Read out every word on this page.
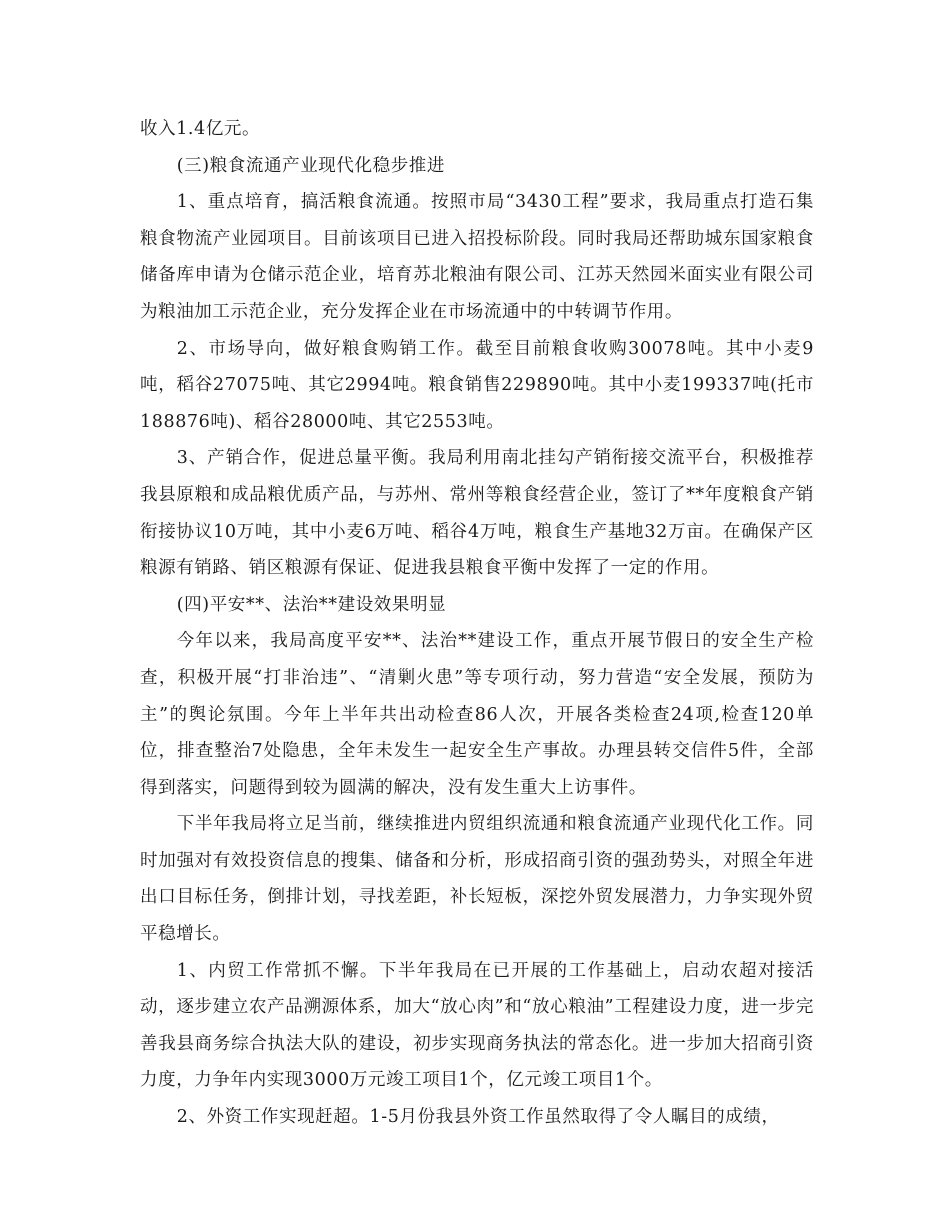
收入1.4亿元。

(三)粮食流通产业现代化稳步推进

1、重点培育，搞活粮食流通。按照市局“3430工程”要求，我局重点打造石集粮食物流产业园项目。目前该项目已进入招投标阶段。同时我局还帮助城东国家粮食储备库申请为仓储示范企业，培育苏北粮油有限公司、江苏天然园米面实业有限公司为粮油加工示范企业，充分发挥企业在市场流通中的中转调节作用。

2、市场导向，做好粮食购销工作。截至目前粮食收购30078吨。其中小麦9吨，稻谷27075吨、其它2994吨。粮食销售229890吨。其中小麦199337吨(托市188876吨)、稻谷28000吨、其它2553吨。

3、产销合作，促进总量平衡。我局利用南北挂勾产销衔接交流平台，积极推荐我县原粮和成品粮优质产品，与苏州、常州等粮食经营企业，签订了**年度粮食产销衔接协议10万吨，其中小麦6万吨、稻谷4万吨，粮食生产基地32万亩。在确保产区粮源有销路、销区粮源有保证、促进我县粮食平衡中发挥了一定的作用。

(四)平安**、法治**建设效果明显

今年以来，我局高度平安**、法治**建设工作，重点开展节假日的安全生产检查，积极开展“打非治违”、“清剿火患”等专项行动，努力营造“安全发展，预防为主”的舆论氛围。今年上半年共出动检查86人次，开展各类检查24项,检查120单位，排查整治7处隐患，全年未发生一起安全生产事故。办理县转交信件5件，全部得到落实，问题得到较为圆满的解决，没有发生重大上访事件。

下半年我局将立足当前，继续推进内贸组织流通和粮食流通产业现代化工作。同时加强对有效投资信息的搜集、储备和分析，形成招商引资的强劲势头，对照全年进出口目标任务，倒排计划，寻找差距，补长短板，深挖外贸发展潜力，力争实现外贸平稳增长。

1、内贸工作常抓不懈。下半年我局在已开展的工作基础上，启动农超对接活动，逐步建立农产品溯源体系，加大“放心肉”和“放心粮油”工程建设力度，进一步完善我县商务综合执法大队的建设，初步实现商务执法的常态化。进一步加大招商引资力度，力争年内实现3000万元竣工项目1个，亿元竣工项目1个。

2、外资工作实现赶超。1-5月份我县外资工作虽然取得了令人瞩目的成绩，
